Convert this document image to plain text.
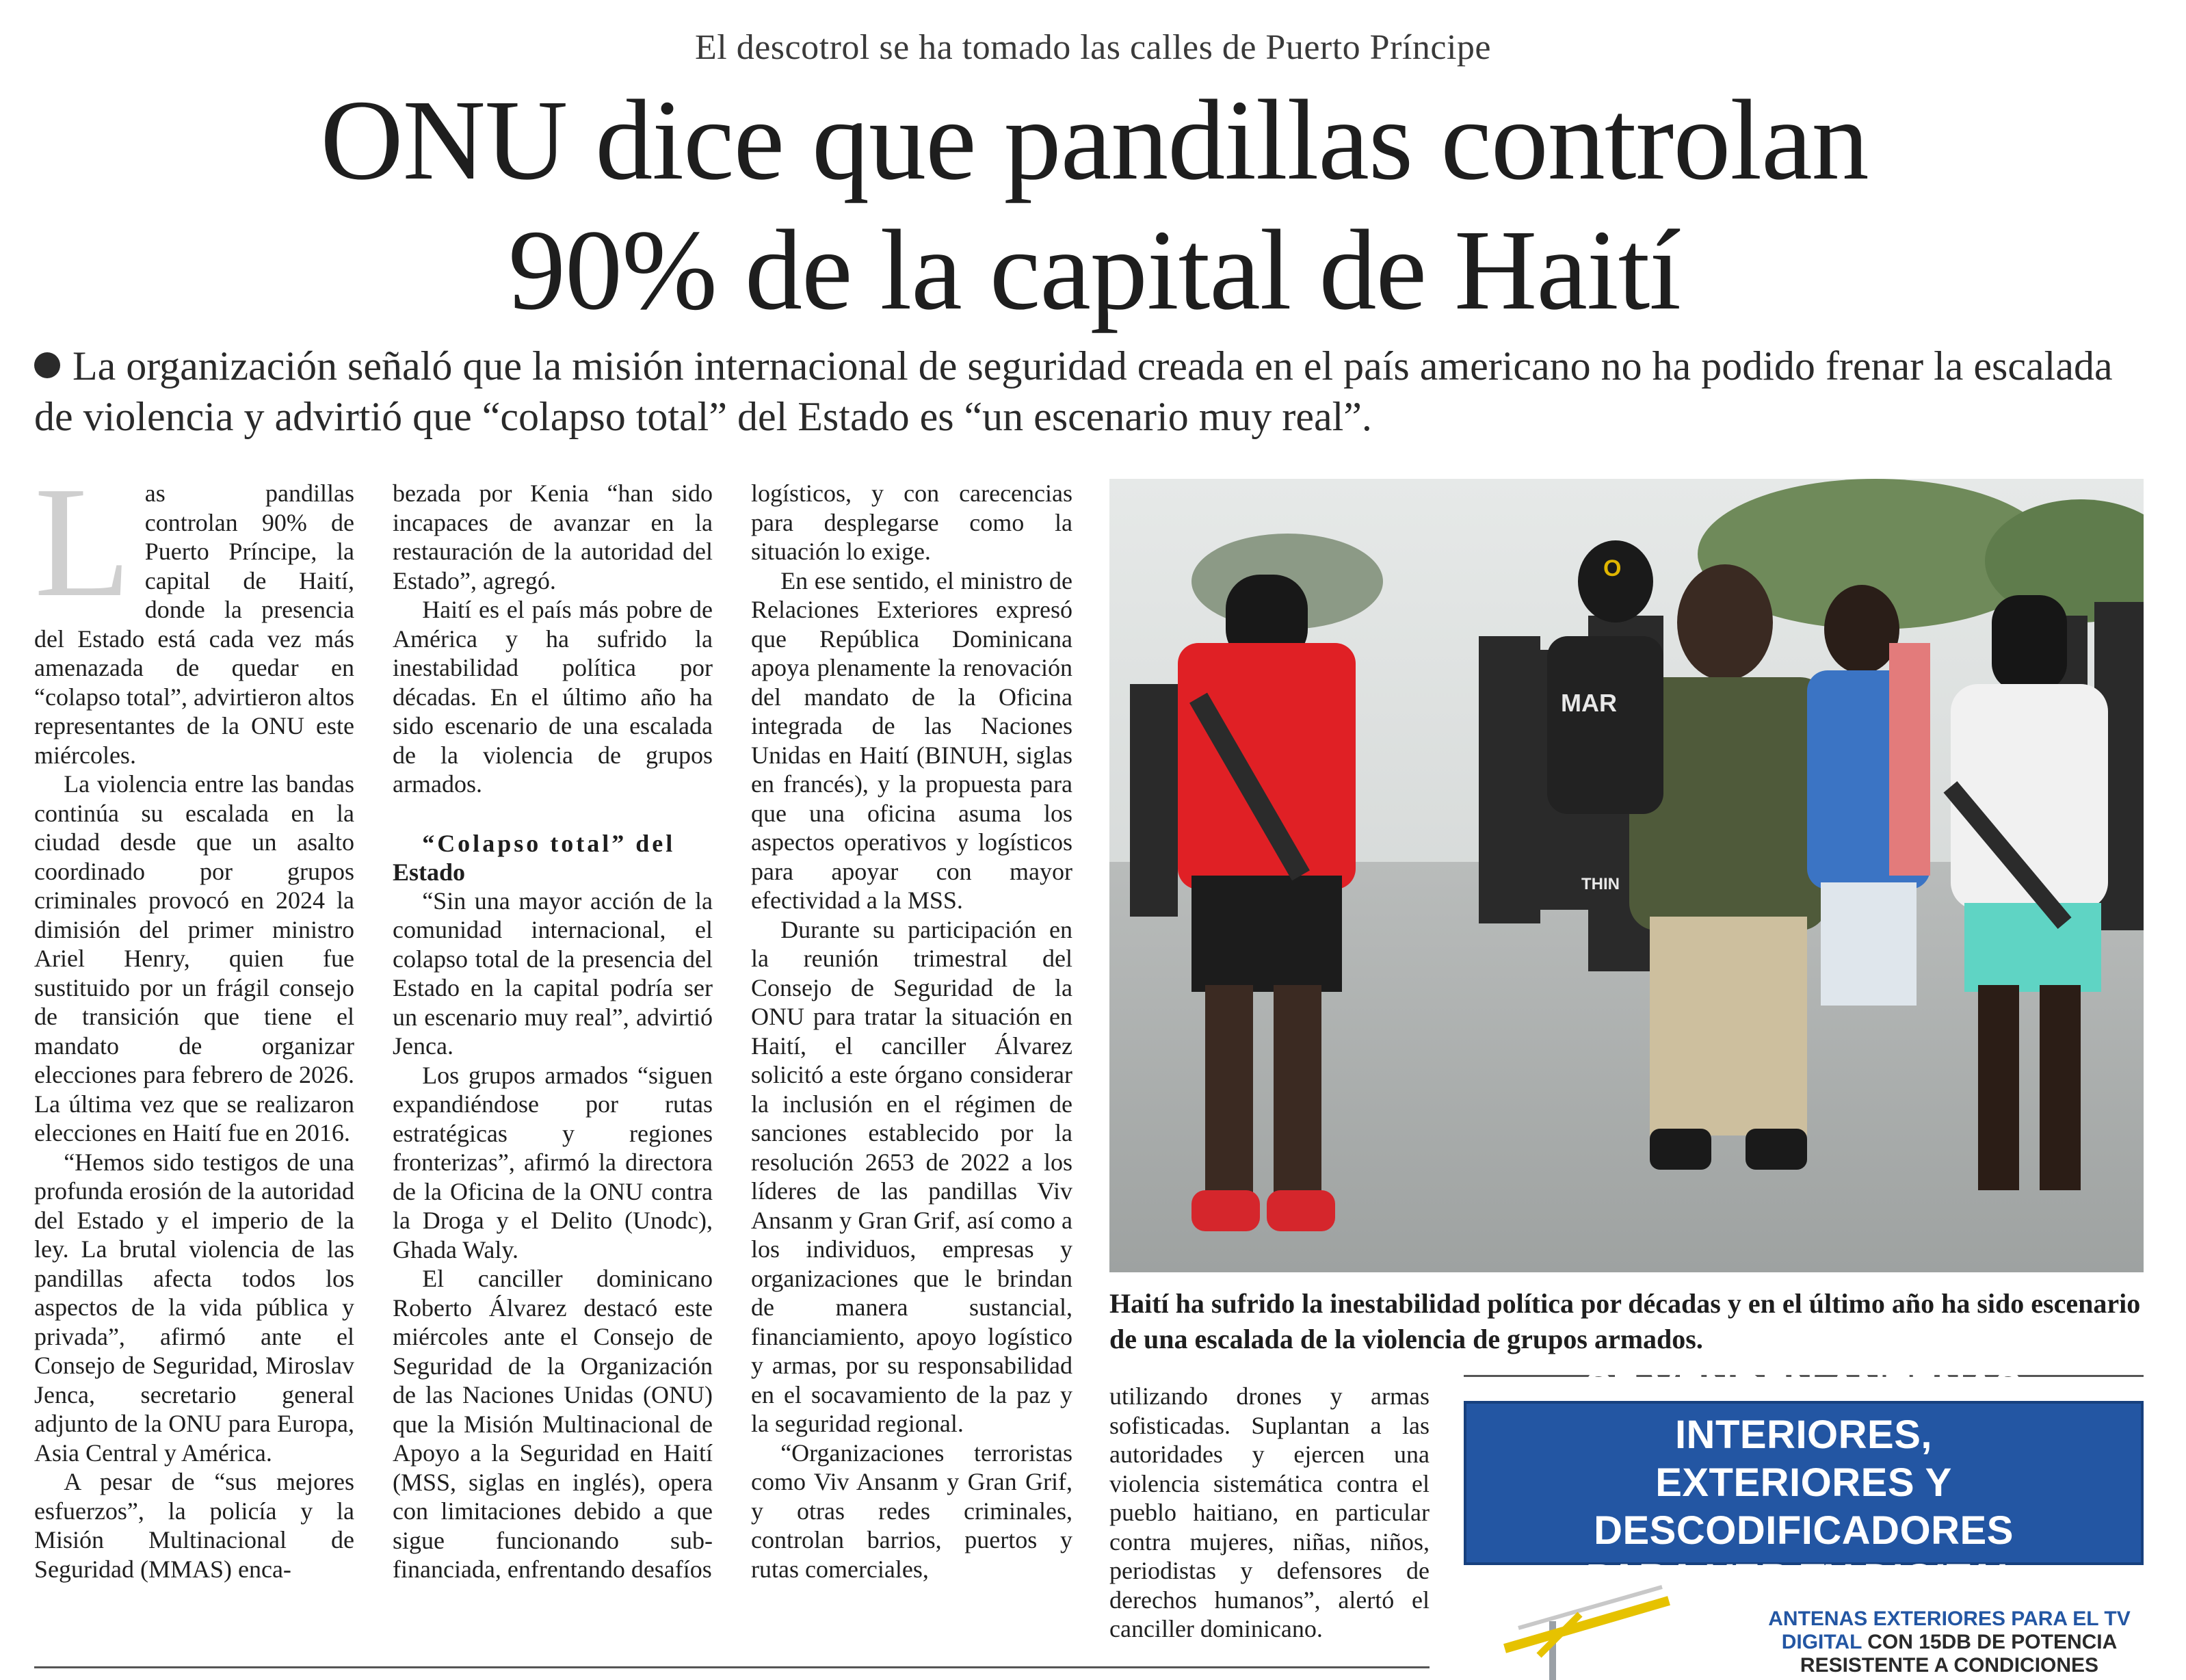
El descotrol se ha tomado las calles de Puerto Príncipe
ONU dice que pandillas controlan
90% de la capital de Haití
La organización señaló que la misión internacional de seguridad creada en el país americano no ha podido frenar la escalada de violencia y advirtió que “colapso total” del Estado es “un escenario muy real”.

Las pandillas controlan 90% de Puerto Príncipe, la capital de Haití, donde la presencia del Estado está cada vez más amenazada de quedar en “colapso total”, advirtieron altos representantes de la ONU este miércoles.

La violencia entre las bandas continúa su escalada en la ciudad desde que un asalto coordinado por grupos criminales provocó en 2024 la dimisión del primer ministro Ariel Henry, quien fue sustituido por un frágil consejo de transición que tiene el mandato de organizar elecciones para febrero de 2026. La última vez que se realizaron elecciones en Haití fue en 2016.

“Hemos sido testigos de una profunda erosión de la autoridad del Estado y el imperio de la ley. La brutal violencia de las pandillas afecta todos los aspectos de la vida pública y privada”, afirmó ante el Consejo de Seguridad, Miroslav Jenca, secretario general adjunto de la ONU para Europa, Asia Central y América.

A pesar de “sus mejores esfuerzos”, la policía y la Misión Multinacional de Seguridad (MMAS) enca-

bezada por Kenia “han sido incapaces de avanzar en la restauración de la autoridad del Estado”, agregó.

Haití es el país más pobre de América y ha sufrido la inestabilidad política por décadas. En el último año ha sido escenario de una escalada de la violencia de grupos armados.

“Colapso total” del
Estado

“Sin una mayor acción de la comunidad internacional, el colapso total de la presencia del Estado en la capital podría ser un escenario muy real”, advirtió Jenca.

Los grupos armados “siguen expandiéndose por rutas estratégicas y regiones fronterizas”, afirmó la directora de la Oficina de la ONU contra la Droga y el Delito (Unodc), Ghada Waly.

El canciller dominicano Roberto Álvarez destacó este miércoles ante el Consejo de Seguridad de la Organización de las Naciones Unidas (ONU) que la Misión Multinacional de Apoyo a la Seguridad en Haití (MSS, siglas en inglés), opera con limitaciones debido a que sigue funcionando sub-financiada, enfrentando desafíos

logísticos, y con carecencias para desplegarse como la situación lo exige.

En ese sentido, el ministro de Relaciones Exteriores expresó que República Dominicana apoya plenamente la renovación del mandato de la Oficina integrada de las Naciones Unidas en Haití (BINUH, siglas en francés), y la propuesta para que una oficina asuma los aspectos operativos y logísticos para apoyar con mayor efectividad a la MSS.

Durante su participación en la reunión trimestral del Consejo de Seguridad de la ONU para tratar la situación en Haití, el canciller Álvarez solicitó a este órgano considerar la inclusión en el régimen de sanciones establecido por la resolución 2653 de 2022 a los líderes de las pandillas Viv Ansanm y Gran Grif, así como a los individuos, empresas y organizaciones que le brindan de manera sustancial, financiamiento, apoyo logístico y armas, por su responsabilidad en el socavamiento de la paz y la seguridad regional.

“Organizaciones terroristas como Viv Ansanm y Gran Grif, y otras redes criminales, controlan barrios, puertos y rutas comerciales,

O
MAR
THIN
Haití ha sufrido la inestabilidad política por décadas y en el último año ha sido escenario de una escalada de la violencia de grupos armados.

utilizando drones y armas sofisticadas. Suplantan a las autoridades y ejercen una violencia sistemática contra el pueblo haitiano, en particular contra mujeres, niñas, niños, periodistas y defensores de derechos humanos”, alertó el canciller dominicano.

SE VENDEN ANTENAS INTERIORES,
EXTERIORES Y DESCODIFICADORES
PARA VER TV DIGITAL
ANTENAS EXTERIORES PARA EL TV
DIGITAL CON 15DB DE POTENCIA
RESISTENTE A CONDICIONES
